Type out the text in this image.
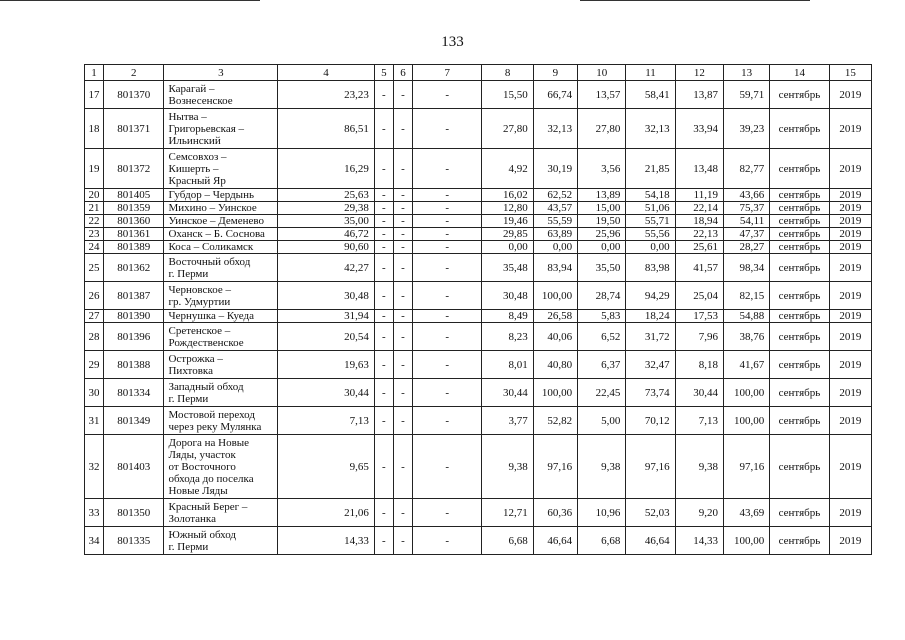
133
1	2	3	4	5	6	7	8	9	10	11	12	13	14	15
17	801370	Карагай –
Вознесенское	23,23	-	-	-	15,50	66,74	13,57	58,41	13,87	59,71	сентябрь	2019
18	801371	Нытва –
Григорьевская –
Ильинский	86,51	-	-	-	27,80	32,13	27,80	32,13	33,94	39,23	сентябрь	2019
19	801372	Семсовхоз –
Кишерть –
Красный Яр	16,29	-	-	-	4,92	30,19	3,56	21,85	13,48	82,77	сентябрь	2019
20	801405	Губдор – Чердынь	25,63	-	-	-	16,02	62,52	13,89	54,18	11,19	43,66	сентябрь	2019
21	801359	Михино – Уинское	29,38	-	-	-	12,80	43,57	15,00	51,06	22,14	75,37	сентябрь	2019
22	801360	Уинское – Деменево	35,00	-	-	-	19,46	55,59	19,50	55,71	18,94	54,11	сентябрь	2019
23	801361	Оханск – Б. Соснова	46,72	-	-	-	29,85	63,89	25,96	55,56	22,13	47,37	сентябрь	2019
24	801389	Коса – Соликамск	90,60	-	-	-	0,00	0,00	0,00	0,00	25,61	28,27	сентябрь	2019
25	801362	Восточный обход
г. Перми	42,27	-	-	-	35,48	83,94	35,50	83,98	41,57	98,34	сентябрь	2019
26	801387	Черновское –
гр. Удмуртии	30,48	-	-	-	30,48	100,00	28,74	94,29	25,04	82,15	сентябрь	2019
27	801390	Чернушка – Куеда	31,94	-	-	-	8,49	26,58	5,83	18,24	17,53	54,88	сентябрь	2019
28	801396	Сретенское –
Рождественское	20,54	-	-	-	8,23	40,06	6,52	31,72	7,96	38,76	сентябрь	2019
29	801388	Острожка –
Пихтовка	19,63	-	-	-	8,01	40,80	6,37	32,47	8,18	41,67	сентябрь	2019
30	801334	Западный обход
г. Перми	30,44	-	-	-	30,44	100,00	22,45	73,74	30,44	100,00	сентябрь	2019
31	801349	Мостовой переход
через реку Мулянка	7,13	-	-	-	3,77	52,82	5,00	70,12	7,13	100,00	сентябрь	2019
32	801403	Дорога на Новые
Ляды, участок
от Восточного
обхода до поселка
Новые Ляды	9,65	-	-	-	9,38	97,16	9,38	97,16	9,38	97,16	сентябрь	2019
33	801350	Красный Берег –
Золотанка	21,06	-	-	-	12,71	60,36	10,96	52,03	9,20	43,69	сентябрь	2019
34	801335	Южный обход
г. Перми	14,33	-	-	-	6,68	46,64	6,68	46,64	14,33	100,00	сентябрь	2019
